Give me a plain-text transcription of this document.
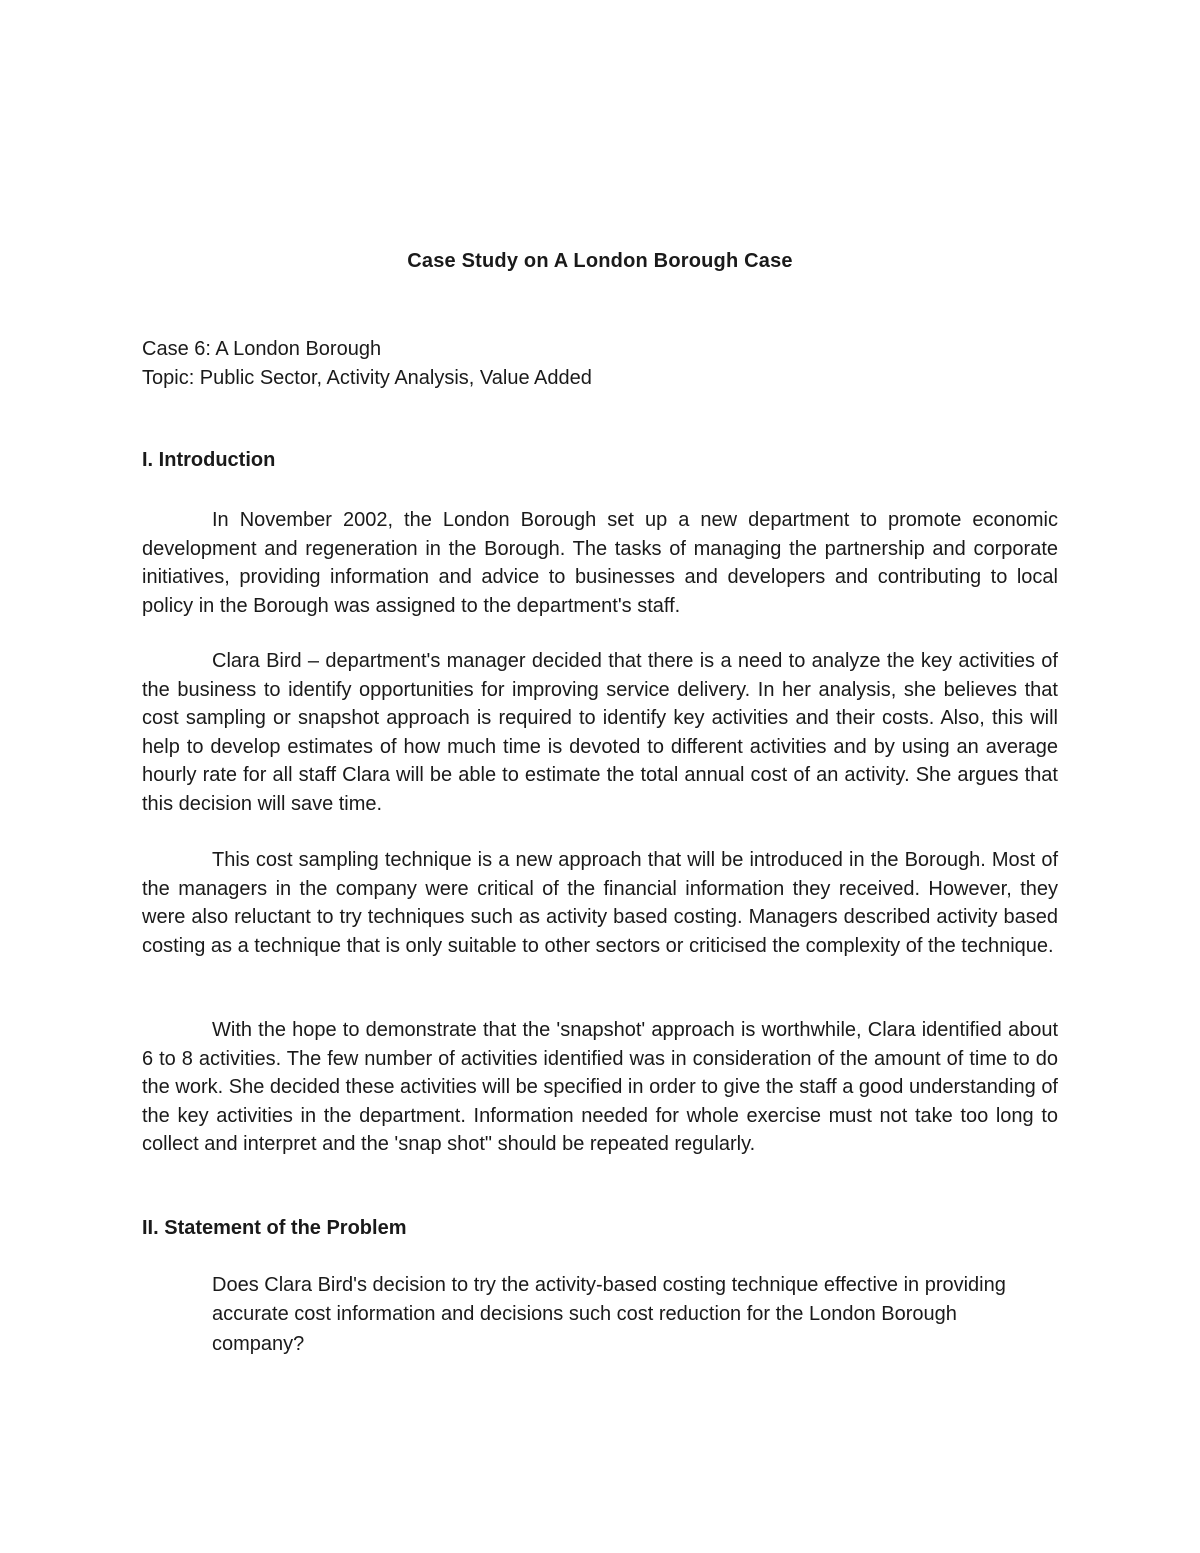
Case Study on A London Borough Case
Case 6: A London Borough
Topic: Public Sector, Activity Analysis, Value Added
I. Introduction

In November 2002, the London Borough set up a new department to promote economic development and regeneration in the Borough. The tasks of managing the partnership and corporate initiatives, providing information and advice to businesses and developers and contributing to local policy in the Borough was assigned to the department's staff.

Clara Bird – department's manager decided that there is a need to analyze the key activities of the business to identify opportunities for improving service delivery. In her analysis, she believes that cost sampling or snapshot approach is required to identify key activities and their costs. Also, this will help to develop estimates of how much time is devoted to different activities and by using an average hourly rate for all staff Clara will be able to estimate the total annual cost of an activity. She argues that this decision will save time.

This cost sampling technique is a new approach that will be introduced in the Borough. Most of the managers in the company were critical of the financial information they received. However, they were also reluctant to try techniques such as activity based costing. Managers described activity based costing as a technique that is only suitable to other sectors or criticised the complexity of the technique.

With the hope to demonstrate that the 'snapshot' approach is worthwhile, Clara identified about 6 to 8 activities. The few number of activities identified was in consideration of the amount of time to do the work. She decided these activities will be specified in order to give the staff a good understanding of the key activities in the department. Information needed for whole exercise must not take too long to collect and interpret and the 'snap shot" should be repeated regularly.

II. Statement of the Problem

Does Clara Bird's decision to try the activity-based costing technique effective in providing accurate cost information and decisions such cost reduction for the London Borough company?
